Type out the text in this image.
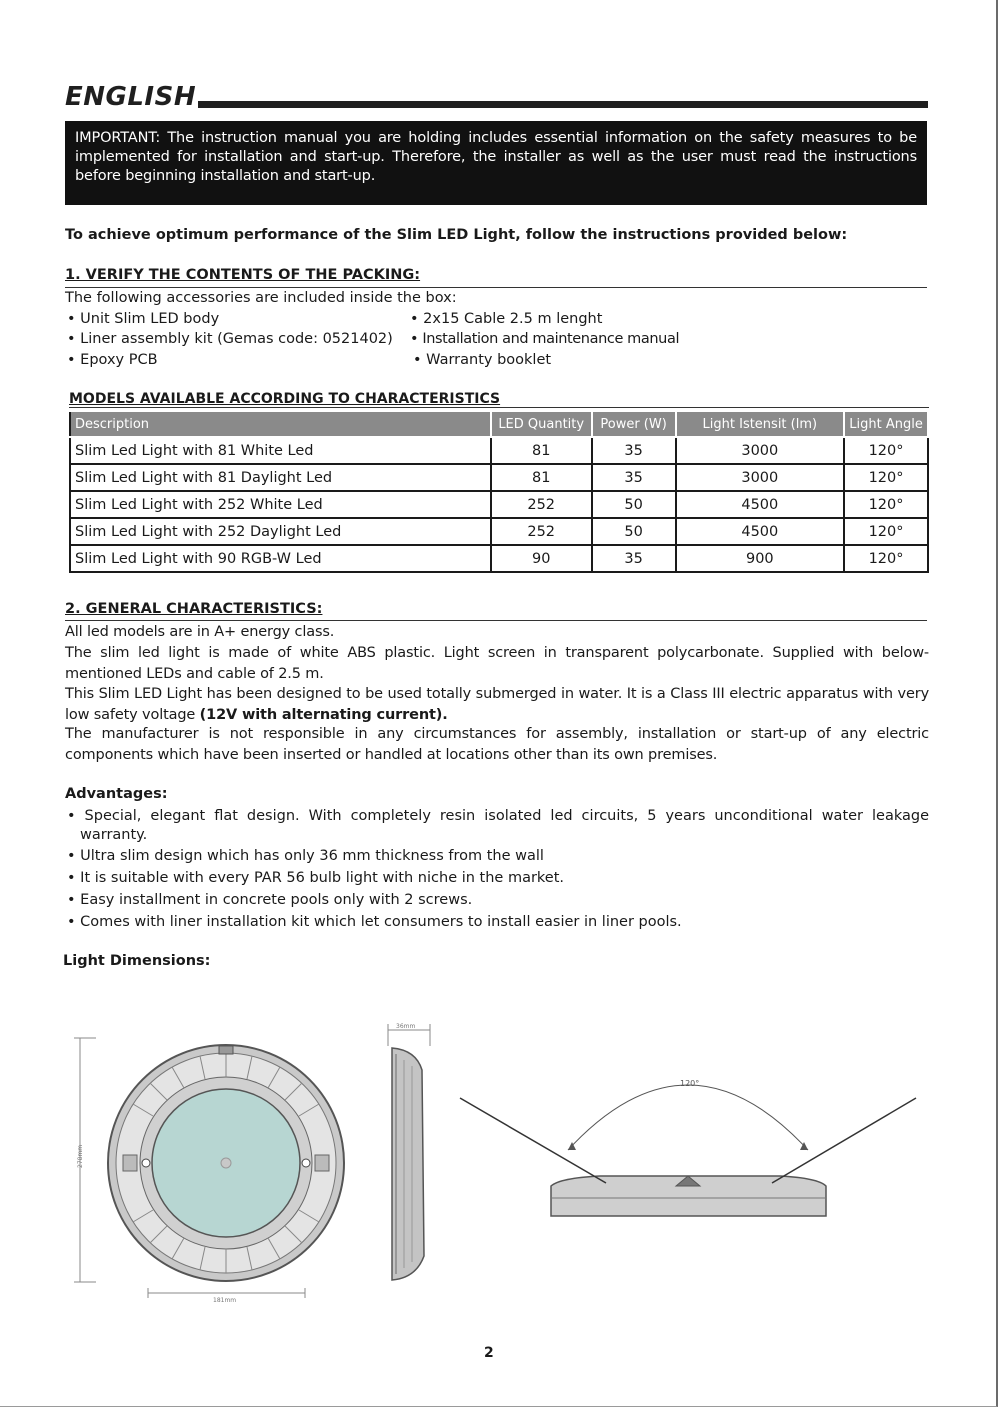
ENGLISH
IMPORTANT: The instruction manual you are holding includes essential information on the safety measures to be implemented for installation and start-up. Therefore, the installer as well as the user must read the instructions before beginning installation and start-up.
To achieve optimum performance of the Slim LED Light, follow the instructions provided below:
1. VERIFY THE CONTENTS OF THE PACKING:
The following accessories are included inside the box:
• Unit Slim LED body
• Liner assembly kit (Gemas code: 0521402)
• Epoxy PCB
• 2x15 Cable 2.5 m lenght
• Installation and maintenance manual
• Warranty booklet
MODELS AVAILABLE ACCORDING TO CHARACTERISTICS
Description	LED Quantity	Power (W)	Light Istensit (lm)	Light Angle
Slim Led Light with 81 White Led	81	35	3000	120°
Slim Led Light with 81 Daylight Led	81	35	3000	120°
Slim Led Light with 252 White Led	252	50	4500	120°
Slim Led Light with 252 Daylight Led	252	50	4500	120°
Slim Led Light with 90 RGB-W Led	90	35	900	120°
2. GENERAL CHARACTERISTICS:
All led models are in A+ energy class.
The slim led light is made of white ABS plastic. Light screen in transparent polycarbonate. Supplied with below-mentioned LEDs and cable of 2.5 m.
This Slim LED Light has been designed to be used totally submerged in water. It is a Class III electric apparatus with very low safety voltage (12V with alternating current).
The manufacturer is not responsible in any circumstances for assembly, installation or start-up of any electric components which have been inserted or handled at locations other than its own premises.
Advantages:
• Special, elegant flat design. With completely resin isolated led circuits, 5 years unconditional water leakage
warranty.
• Ultra slim design which has only 36 mm thickness from the wall
• It is suitable with every PAR 56 bulb light with niche in the market.
• Easy installment in concrete pools only with 2 screws.
• Comes with liner installation kit which let consumers to install easier in liner pools.
Light Dimensions:
36mm
278mm
181mm
120°
2
